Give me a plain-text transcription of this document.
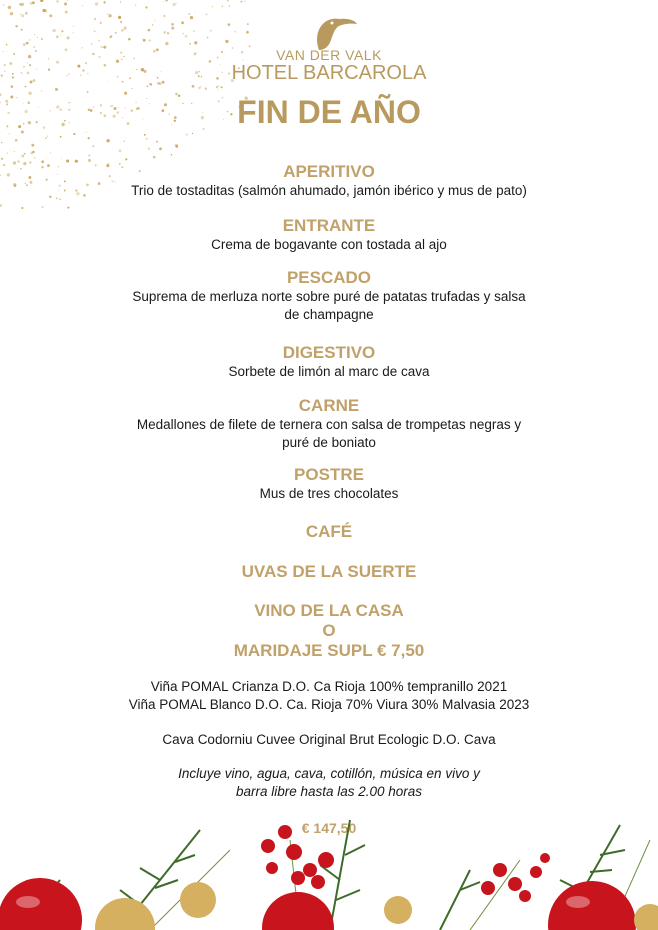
VAN DER VALK
HOTEL BARCAROLA
FIN DE AÑO

APERITIVO

Trio de tostaditas (salmón ahumado, jamón ibérico y mus de pato)

ENTRANTE

Crema de bogavante con tostada al ajo

PESCADO

Suprema de merluza norte sobre puré de patatas trufadas y salsa

de champagne

DIGESTIVO

Sorbete de limón al marc de cava

CARNE

Medallones de filete de ternera con salsa de trompetas negras y

puré de boniato

POSTRE

Mus de tres chocolates

CAFÉ

UVAS DE LA SUERTE

VINO DE LA CASA

O

MARIDAJE SUPL € 7,50

Viña POMAL Crianza D.O. Ca Rioja 100% tempranillo 2021
Viña POMAL Blanco D.O. Ca. Rioja 70% Viura 30% Malvasia 2023
Cava Codorniu Cuvee Original Brut Ecologic D.O. Cava
Incluye vino, agua, cava, cotillón, música en vivo y
barra libre hasta las 2.00 horas
€ 147,50
